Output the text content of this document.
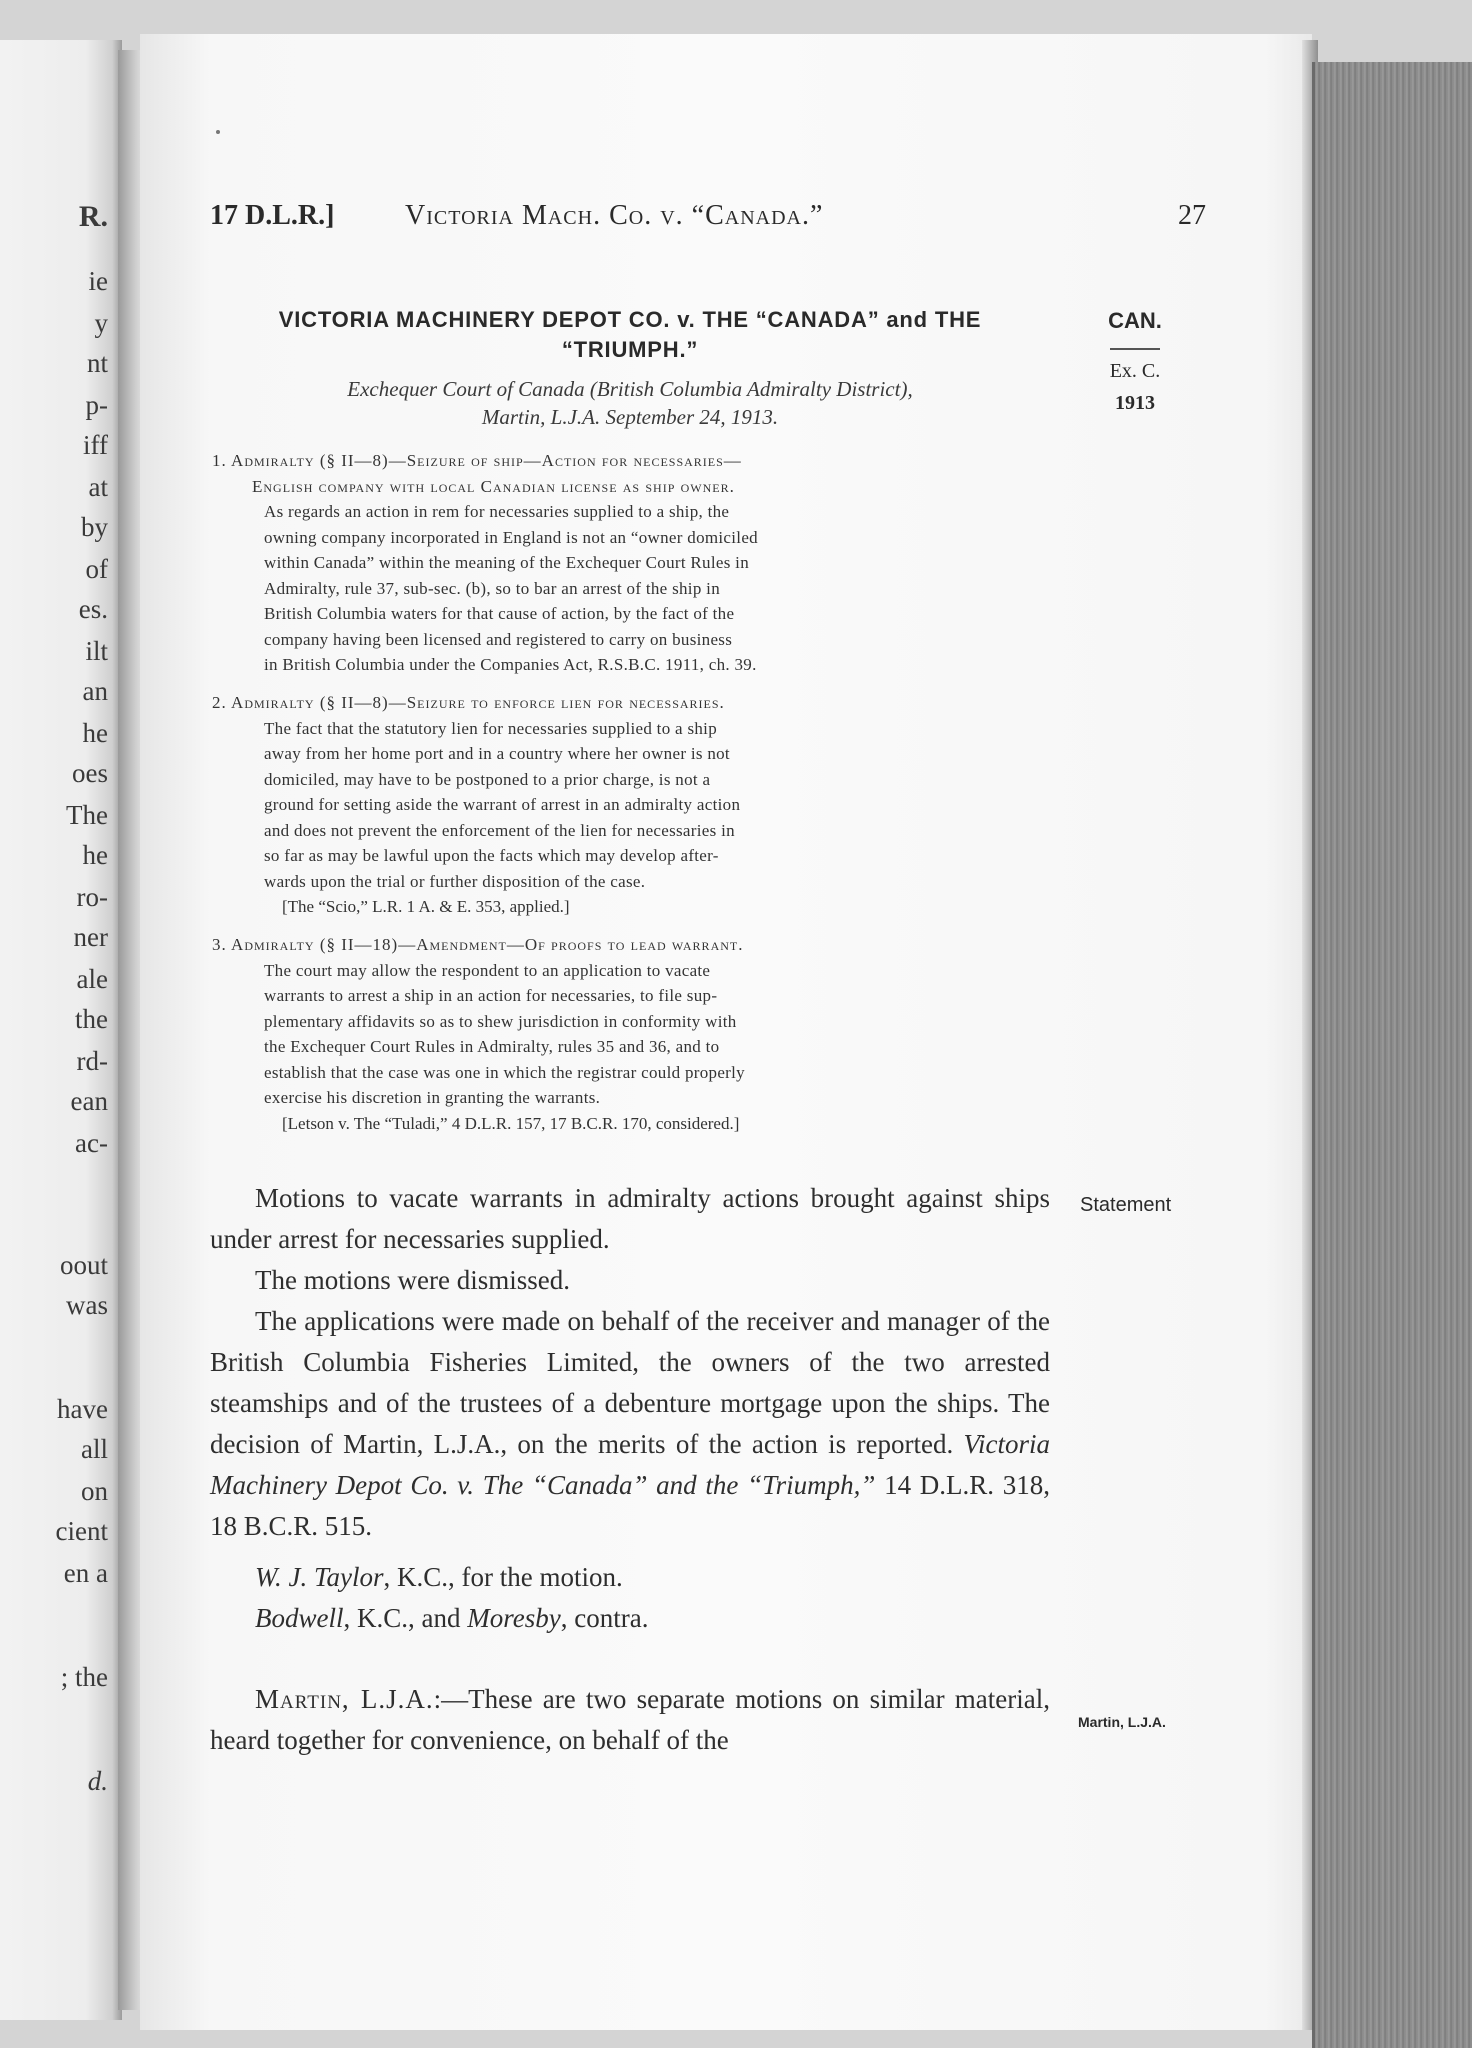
R.
ie
y
nt
p-
iff
at
by
of
es.
ilt
an
he
oes
The
he
ro-
ner
ale
the
rd-
ean
ac-
oout
was
have
all
on
cient
en a
; the
d.
17 D.L.R.]	Victoria Mach. Co. v. “Canada.”	27
VICTORIA MACHINERY DEPOT CO. v. THE “CANADA” and THE
“TRIUMPH.”
Exchequer Court of Canada (British Columbia Admiralty District),
Martin, L.J.A. September 24, 1913.
CAN.
Ex. C.
1913
1. Admiralty (§ II—8)—Seizure of ship—Action for necessaries—
English company with local Canadian license as ship owner.
As regards an action in rem for necessaries supplied to a ship, the
owning company incorporated in England is not an “owner domiciled
within Canada” within the meaning of the Exchequer Court Rules in
Admiralty, rule 37, sub-sec. (b), so to bar an arrest of the ship in
British Columbia waters for that cause of action, by the fact of the
company having been licensed and registered to carry on business
in British Columbia under the Companies Act, R.S.B.C. 1911, ch. 39.
2. Admiralty (§ II—8)—Seizure to enforce lien for necessaries.
The fact that the statutory lien for necessaries supplied to a ship
away from her home port and in a country where her owner is not
domiciled, may have to be postponed to a prior charge, is not a
ground for setting aside the warrant of arrest in an admiralty action
and does not prevent the enforcement of the lien for necessaries in
so far as may be lawful upon the facts which may develop after-
wards upon the trial or further disposition of the case.
[The “Scio,” L.R. 1 A. & E. 353, applied.]
3. Admiralty (§ II—18)—Amendment—Of proofs to lead warrant.
The court may allow the respondent to an application to vacate
warrants to arrest a ship in an action for necessaries, to file sup-
plementary affidavits so as to shew jurisdiction in conformity with
the Exchequer Court Rules in Admiralty, rules 35 and 36, and to
establish that the case was one in which the registrar could properly
exercise his discretion in granting the warrants.
[Letson v. The “Tuladi,” 4 D.L.R. 157, 17 B.C.R. 170, considered.]

Motions to vacate warrants in admiralty actions brought against ships under arrest for necessaries supplied.

The motions were dismissed.

The applications were made on behalf of the receiver and manager of the British Columbia Fisheries Limited, the owners of the two arrested steamships and of the trustees of a debenture mortgage upon the ships. The decision of Martin, L.J.A., on the merits of the action is reported. Victoria Machinery Depot Co. v. The “Canada” and the “Triumph,” 14 D.L.R. 318, 18 B.C.R. 515.

W. J. Taylor, K.C., for the motion.

Bodwell, K.C., and Moresby, contra.

Martin, L.J.A.:—These are two separate motions on similar material, heard together for convenience, on behalf of the

Statement
Martin, L.J.A.
